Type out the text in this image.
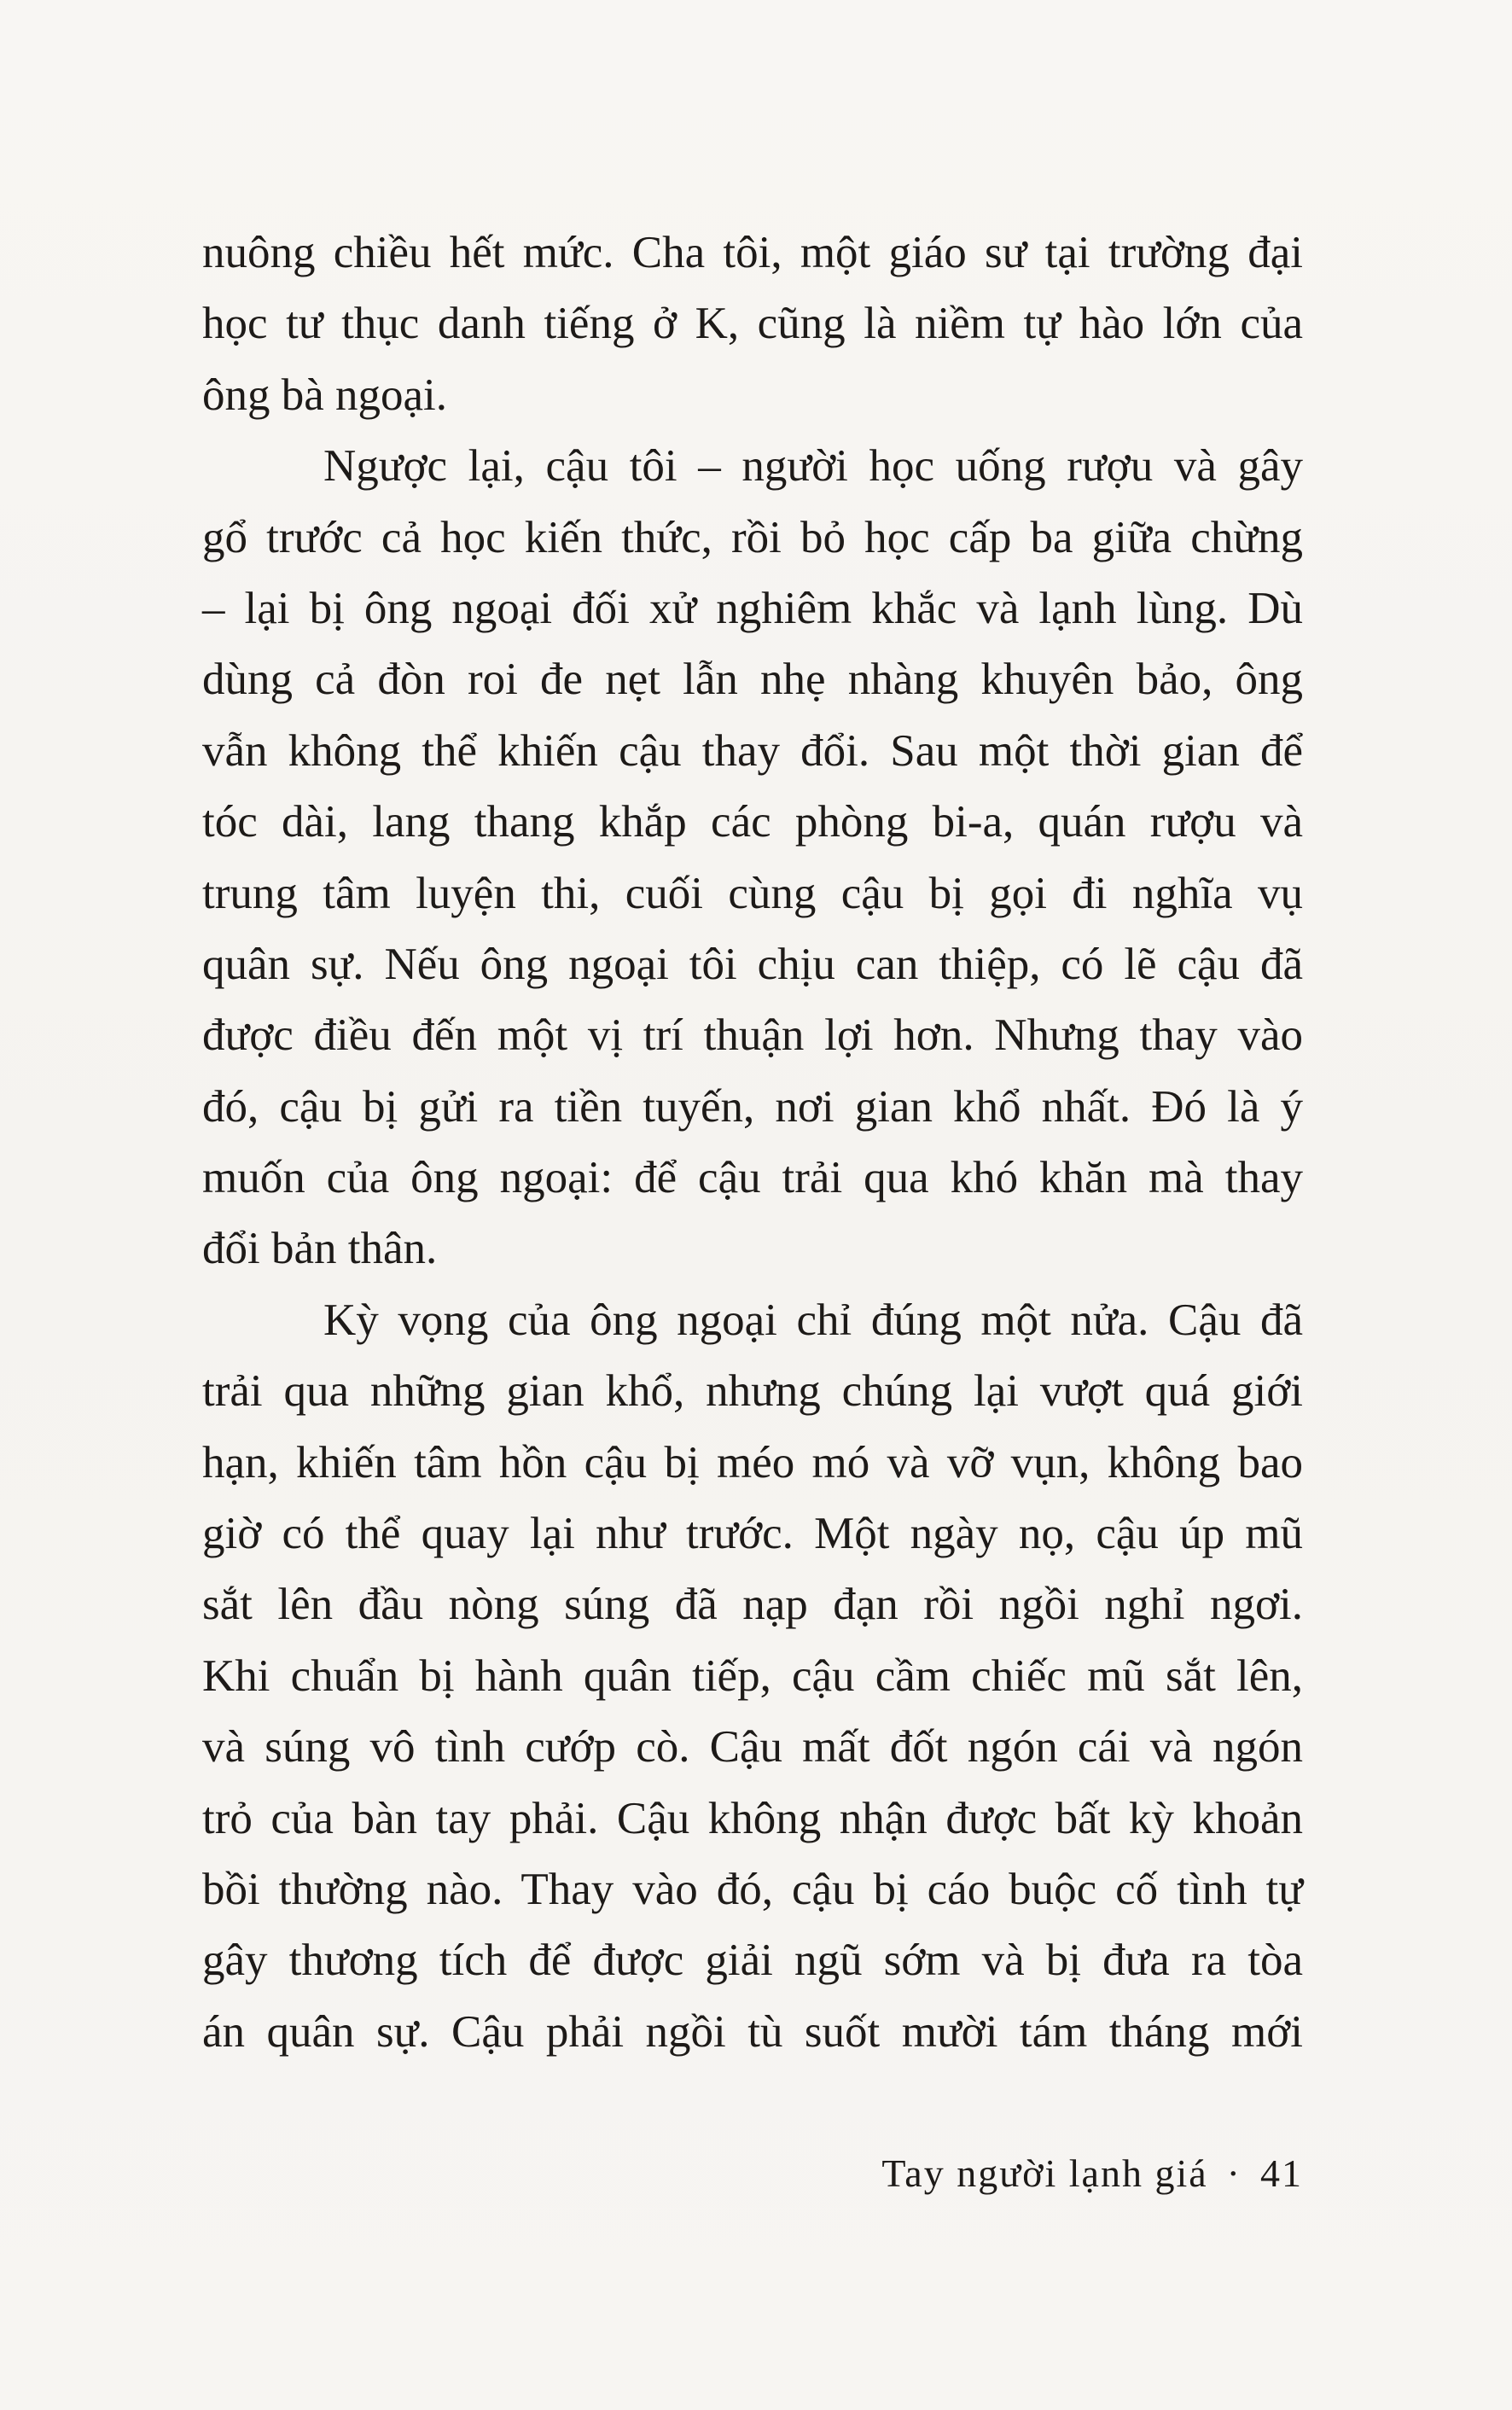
nuông chiều hết mức. Cha tôi, một giáo sư tại trường đại
học tư thục danh tiếng ở K, cũng là niềm tự hào lớn của
ông bà ngoại.
Ngược lại, cậu tôi – người học uống rượu và gây
gổ trước cả học kiến thức, rồi bỏ học cấp ba giữa chừng
– lại bị ông ngoại đối xử nghiêm khắc và lạnh lùng. Dù
dùng cả đòn roi đe nẹt lẫn nhẹ nhàng khuyên bảo, ông
vẫn không thể khiến cậu thay đổi. Sau một thời gian để
tóc dài, lang thang khắp các phòng bi-a, quán rượu và
trung tâm luyện thi, cuối cùng cậu bị gọi đi nghĩa vụ
quân sự. Nếu ông ngoại tôi chịu can thiệp, có lẽ cậu đã
được điều đến một vị trí thuận lợi hơn. Nhưng thay vào
đó, cậu bị gửi ra tiền tuyến, nơi gian khổ nhất. Đó là ý
muốn của ông ngoại: để cậu trải qua khó khăn mà thay
đổi bản thân.
Kỳ vọng của ông ngoại chỉ đúng một nửa. Cậu đã
trải qua những gian khổ, nhưng chúng lại vượt quá giới
hạn, khiến tâm hồn cậu bị méo mó và vỡ vụn, không bao
giờ có thể quay lại như trước. Một ngày nọ, cậu úp mũ
sắt lên đầu nòng súng đã nạp đạn rồi ngồi nghỉ ngơi.
Khi chuẩn bị hành quân tiếp, cậu cầm chiếc mũ sắt lên,
và súng vô tình cướp cò. Cậu mất đốt ngón cái và ngón
trỏ của bàn tay phải. Cậu không nhận được bất kỳ khoản
bồi thường nào. Thay vào đó, cậu bị cáo buộc cố tình tự
gây thương tích để được giải ngũ sớm và bị đưa ra tòa
án quân sự. Cậu phải ngồi tù suốt mười tám tháng mới
Tay người lạnh giá · 41
